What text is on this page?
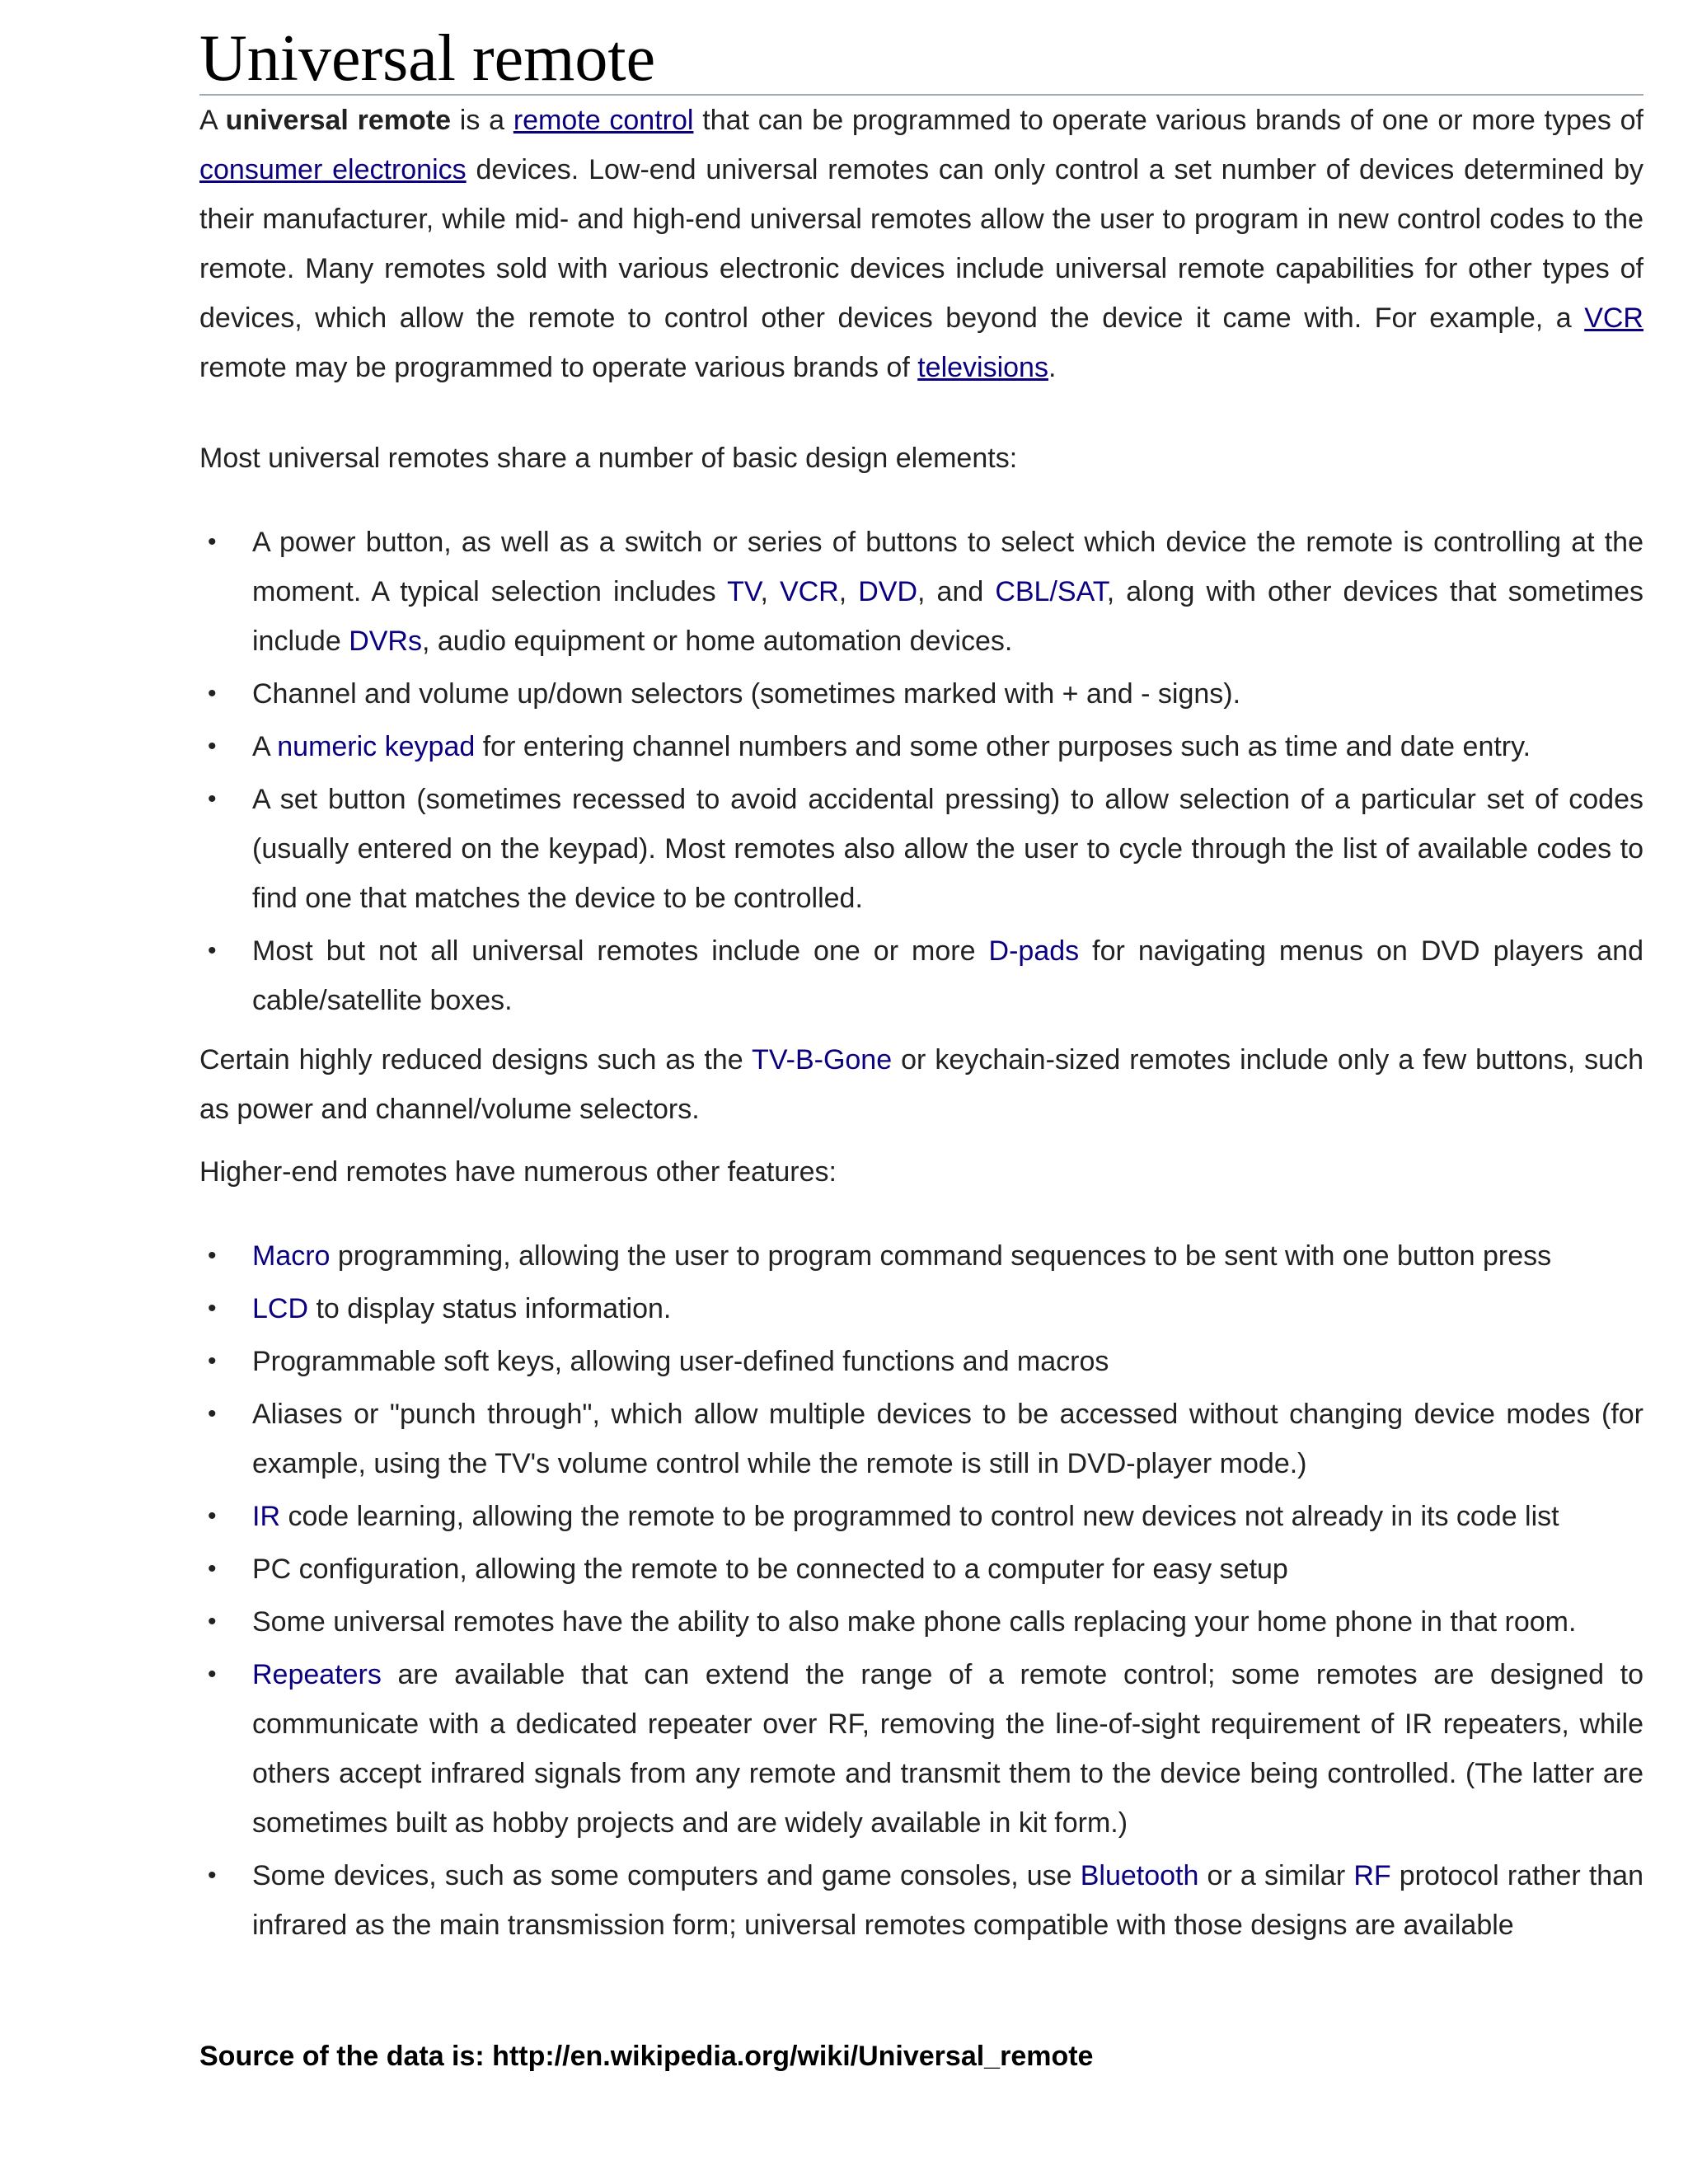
Universal remote

A universal remote is a remote control that can be programmed to operate various brands of one or more types of consumer electronics devices. Low-end universal remotes can only control a set number of devices determined by their manufacturer, while mid- and high-end universal remotes allow the user to program in new control codes to the remote. Many remotes sold with various electronic devices include universal remote capabilities for other types of devices, which allow the remote to control other devices beyond the device it came with. For example, a VCR remote may be programmed to operate various brands of televisions.

Most universal remotes share a number of basic design elements:

• A power button, as well as a switch or series of buttons to select which device the remote is controlling at the moment. A typical selection includes TV, VCR, DVD, and CBL/SAT, along with other devices that sometimes include DVRs, audio equipment or home automation devices.
• Channel and volume up/down selectors (sometimes marked with + and - signs).
• A numeric keypad for entering channel numbers and some other purposes such as time and date entry.
• A set button (sometimes recessed to avoid accidental pressing) to allow selection of a particular set of codes (usually entered on the keypad). Most remotes also allow the user to cycle through the list of available codes to find one that matches the device to be controlled.
• Most but not all universal remotes include one or more D-pads for navigating menus on DVD players and cable/satellite boxes.

Certain highly reduced designs such as the TV-B-Gone or keychain-sized remotes include only a few buttons, such as power and channel/volume selectors.

Higher-end remotes have numerous other features:

• Macro programming, allowing the user to program command sequences to be sent with one button press
• LCD to display status information.
• Programmable soft keys, allowing user-defined functions and macros
• Aliases or "punch through", which allow multiple devices to be accessed without changing device modes (for example, using the TV's volume control while the remote is still in DVD-player mode.)
• IR code learning, allowing the remote to be programmed to control new devices not already in its code list
• PC configuration, allowing the remote to be connected to a computer for easy setup
• Some universal remotes have the ability to also make phone calls replacing your home phone in that room.
• Repeaters are available that can extend the range of a remote control; some remotes are designed to communicate with a dedicated repeater over RF, removing the line-of-sight requirement of IR repeaters, while others accept infrared signals from any remote and transmit them to the device being controlled. (The latter are sometimes built as hobby projects and are widely available in kit form.)
• Some devices, such as some computers and game consoles, use Bluetooth or a similar RF protocol rather than infrared as the main transmission form; universal remotes compatible with those designs are available
Source of the data is: http://en.wikipedia.org/wiki/Universal_remote
